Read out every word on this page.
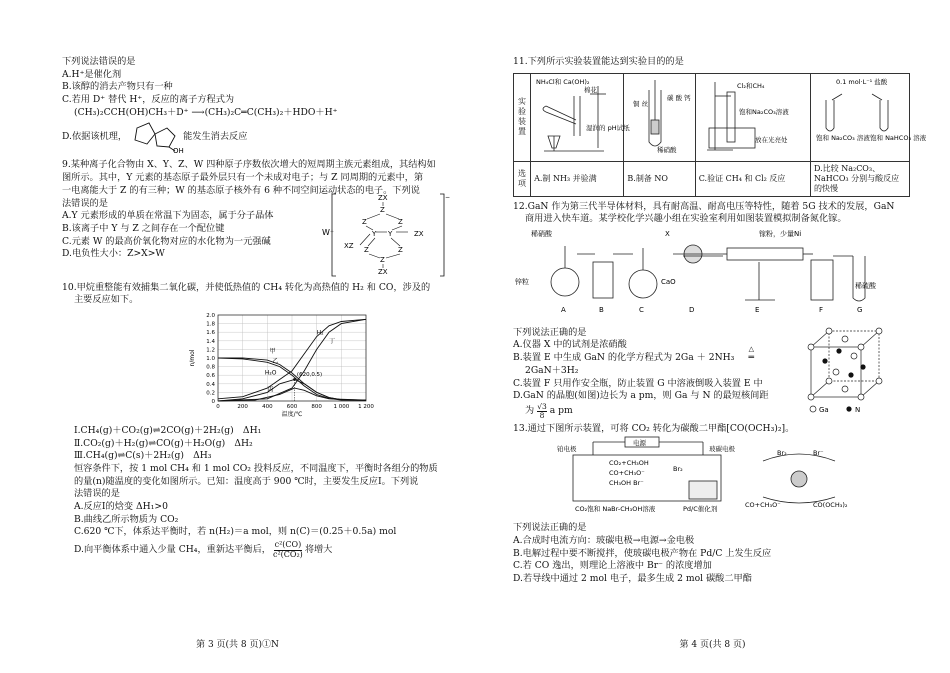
下列说法错误的是
A.H⁺是催化剂
B.该醇的消去产物只有一种
C.若用 D⁺ 替代 H⁺，反应的离子方程式为
(CH₃)₂CCH(OH)CH₃＋D⁺ ⟶(CH₃)₂C═C(CH₃)₂＋HDO＋H⁺
D.依据该机理，
OH
能发生消去反应
9.某种离子化合物由 X、Y、Z、W 四种原子序数依次增大的短周期主族元素组成，其结构如
图所示。其中，Y 元素的基态原子最外层只有一个未成对电子；与 Z 同周期的元素中，第
一电离能大于 Z 的有三种；W 的基态原子核外有 6 种不同空间运动状态的电子。下列说
法错误的是
A.Y 元素形成的单质在常温下为固态，属于分子晶体
B.该离子中 Y 与 Z 之间存在一个配位键
C.元素 W 的最高价氧化物对应的水化物为一元强碱
D.电负性大小：Z>X>W
W⁺
−
ZX
Z
Z	Z
Y Y
XZ
ZX
Z	Z
Z
ZX
10.甲烷重整能有效捕集二氧化碳，并使低热值的 CH₄ 转化为高热值的 H₂ 和 CO，涉及的
主要反应如下。
0
0.2
0.4
0.6
0.8
1.0
1.2
1.4
1.6
1.8
2.0
0	200	400	600	800 1 000 1 200
温度/℃
n/mol
H₂
丁
甲
乙
H₂O
丙
(620,0.5)
Ⅰ.CH₄(g)＋CO₂(g)⇌2CO(g)＋2H₂(g)　ΔH₁
Ⅱ.CO₂(g)＋H₂(g)⇌CO(g)＋H₂O(g)　ΔH₂
Ⅲ.CH₄(g)⇌C(s)＋2H₂(g)　ΔH₃
恒容条件下，按 1 mol CH₄ 和 1 mol CO₂ 投料反应，不同温度下，平衡时各组分的物质
的量(n)随温度的变化如图所示。已知：温度高于 900 ℃时，主要发生反应Ⅰ。下列说
法错误的是
A.反应Ⅰ的焓变 ΔH₁>0
B.曲线乙所示物质为 CO₂
C.620 ℃下，体系达平衡时，若 n(H₂)＝a mol，则 n(C)＝(0.25＋0.5a) mol
D.向平衡体系中通入少量 CH₄，重新达平衡后， $\frac{\text{c²(CO)}}{\text{c²(CO₂)}}$ 将增大
第 3 页(共 8 页)①N
11.下列所示实验装置能达到实验目的的是
实验
装置	NH₄Cl和 Ca(OH)₂
棉花
湿润的 pH试纸	铜 丝
碳 酸 钙
稀硝酸	Cl₂和CH₄
饱和Na₂CO₃溶液
放在光亮处	0.1 mol·L⁻¹ 盐酸
饱和 Na₂CO₃ 溶液 饱和 NaHCO₃ 溶液

选项	A.制 NH₃ 并验满	B.制备 NO	C.验证 CH₄ 和 Cl₂ 反应	D.比较 Na₂CO₃、NaHCO₃ 分别与酸反应的快慢
12.GaN 作为第三代半导体材料，具有耐高温、耐高电压等特性，随着 5G 技术的发展，GaN
商用进入快车道。某学校化学兴趣小组在实验室利用如图装置模拟制备氮化镓。
稀硝酸	X	镓粉，少量Ni
锌粒	CaO	稀硫酸
A	B	C	D	E	F	G
下列说法正确的是
A.仪器 X 中的试剂是浓硝酸
B.装置 E 中生成 GaN 的化学方程式为 2Ga ＋ 2NH₃
△
═
2GaN＋3H₂
C.装置 F 只用作安全瓶，防止装置 G 中溶液倒吸入装置 E 中
D.GaN 的晶胞(如图)边长为 a pm，则 Ga 与 N 的最短核间距
为 $\frac{√3}{8}$ a pm	Ga	N
13.通过下图所示装置，可将 CO₂ 转化为碳酸二甲酯[CO(OCH₃)₂]。
电源
铂电极	玻碳电极
CO₂+CH₃OH
CO+CH₃O⁻
CH₃OH Br⁻
Br₂
CO₂饱和 NaBr-CH₃OH溶液	Pd/C催化剂
Br₂	Br⁻
CO+CH₃O⁻	CO(OCH₃)₂
下列说法正确的是
A.合成时电流方向：玻碳电极→电源→金电极
B.电解过程中要不断搅拌，使玻碳电极产物在 Pd/C 上发生反应
C.若 CO 逸出，则理论上溶液中 Br⁻ 的浓度增加
D.若导线中通过 2 mol 电子，最多生成 2 mol 碳酸二甲酯
第 4 页(共 8 页)
